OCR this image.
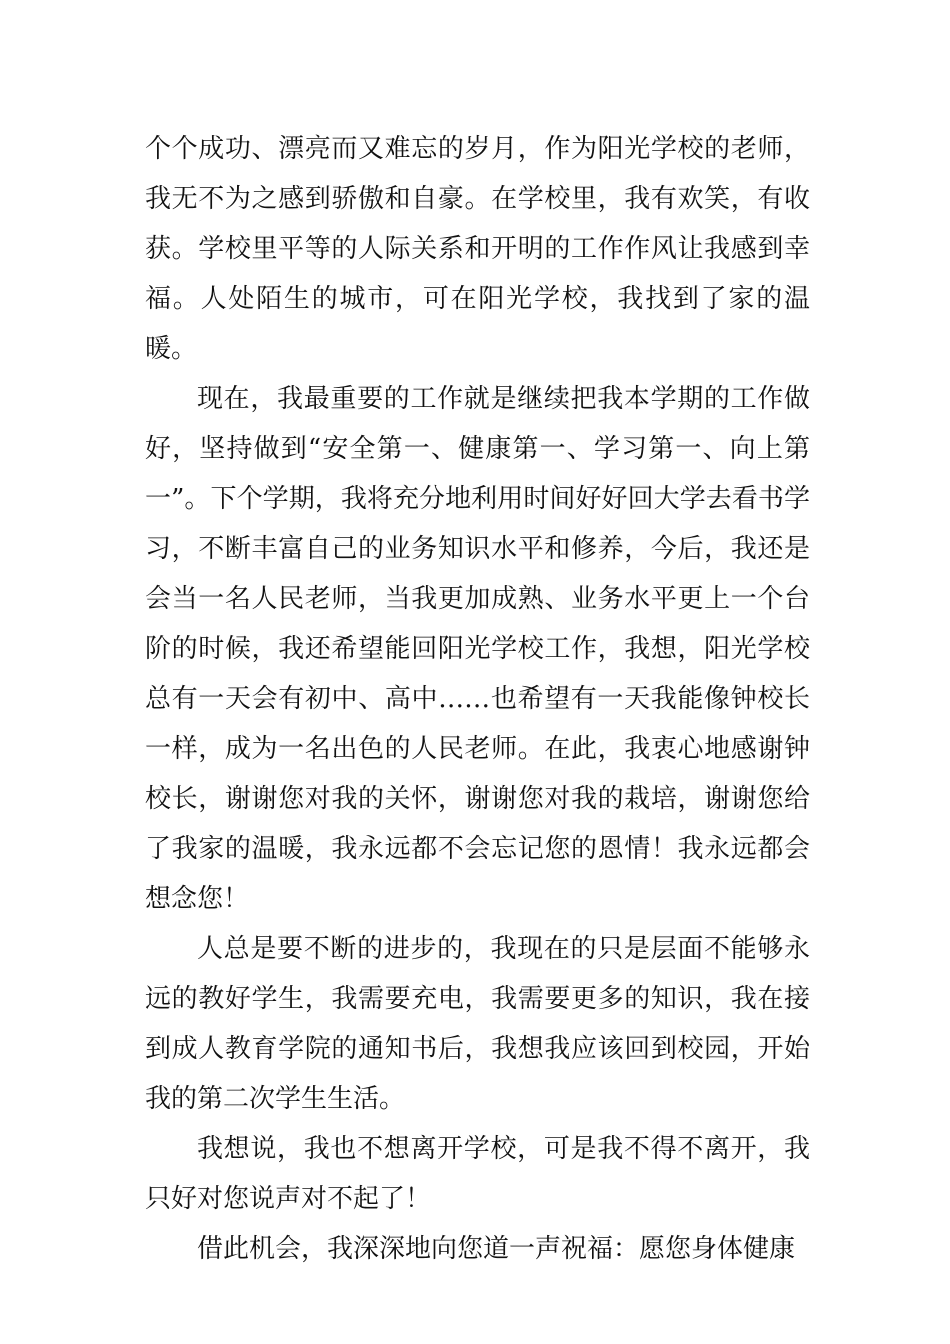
个个成功、漂亮而又难忘的岁月，作为阳光学校的老师，我无不为之感到骄傲和自豪。在学校里，我有欢笑，有收获。学校里平等的人际关系和开明的工作作风让我感到幸福。人处陌生的城市，可在阳光学校，我找到了家的温暖。

现在，我最重要的工作就是继续把我本学期的工作做好，坚持做到“安全第一、健康第一、学习第一、向上第一”。下个学期，我将充分地利用时间好好回大学去看书学习，不断丰富自己的业务知识水平和修养，今后，我还是会当一名人民老师，当我更加成熟、业务水平更上一个台阶的时候，我还希望能回阳光学校工作，我想，阳光学校总有一天会有初中、高中……也希望有一天我能像钟校长一样，成为一名出色的人民老师。在此，我衷心地感谢钟校长，谢谢您对我的关怀，谢谢您对我的栽培，谢谢您给了我家的温暖，我永远都不会忘记您的恩情！我永远都会想念您！

人总是要不断的进步的，我现在的只是层面不能够永远的教好学生，我需要充电，我需要更多的知识，我在接到成人教育学院的通知书后，我想我应该回到校园，开始我的第二次学生生活。

我想说，我也不想离开学校，可是我不得不离开，我只好对您说声对不起了！

借此机会，我深深地向您道一声祝福：愿您身体健康
